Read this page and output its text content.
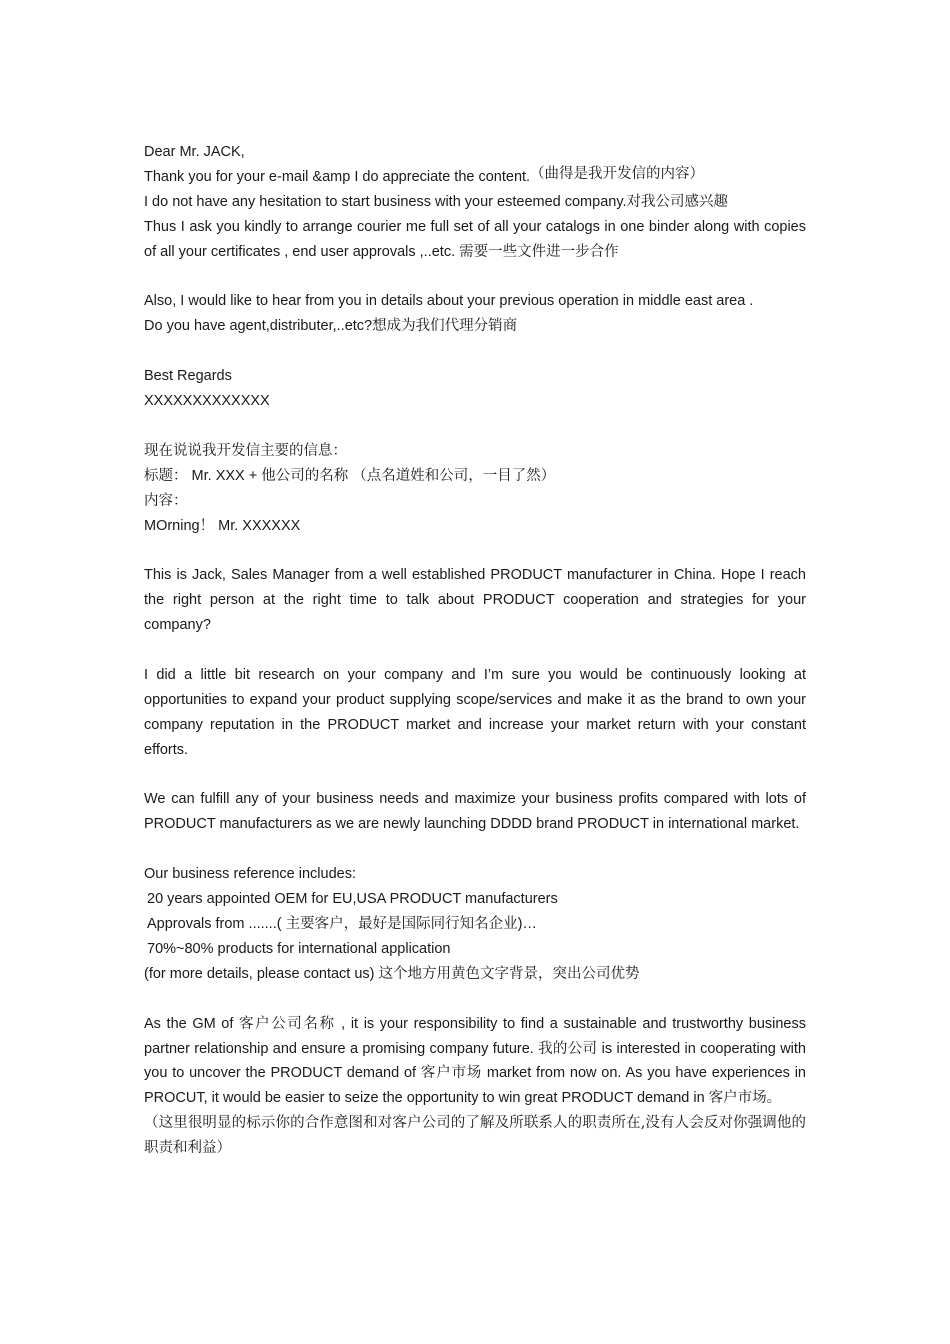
Dear Mr. JACK,
Thank you for your e-mail &amp I do appreciate the content. （曲得是我开发信的内容）
I do not have any hesitation to start business with your esteemed company.对我公司感兴趣
Thus I ask you kindly to arrange courier me full set of all your catalogs in one binder along with copies of all your certificates , end user approvals ,..etc. 需要一些文件进一步合作
Also, I would like to hear from you in details about your previous operation in middle east area .
Do you have agent,distributer,..etc?想成为我们代理分销商
Best Regards
XXXXXXXXXXXXX
现在说说我开发信主要的信息：
标题： Mr. XXX + 他公司的名称 （点名道姓和公司，一目了然）
内容：
MOrning！ Mr. XXXXXX
This is Jack, Sales Manager from a well established PRODUCT manufacturer in China. Hope I reach the right person at the right time to talk about PRODUCT cooperation and strategies for your company?
I did a little bit research on your company and I’m sure you would be continuously looking at opportunities to expand your product supplying scope/services and make it as the brand to own your company reputation in the PRODUCT market and increase your market return with your constant efforts.
We can fulfill any of your business needs and maximize your business profits compared with lots of PRODUCT manufacturers as we are newly launching DDDD brand PRODUCT in international market.
Our business reference includes:
20 years appointed OEM for EU,USA PRODUCT manufacturers
Approvals from .......( 主要客户，最好是国际同行知名企业)…
70%~80% products for international application
(for more details, please contact us) 这个地方用黄色文字背景，突出公司优势
As the GM of 客户公司名称 , it is your responsibility to find a sustainable and trustworthy business partner relationship and ensure a promising company future. 我的公司 is interested in cooperating with you to uncover the PRODUCT demand of 客户市场 market from now on. As you have experiences in PROCUT, it would be easier to seize the opportunity to win great PRODUCT demand in 客户市场。
（这里很明显的标示你的合作意图和对客户公司的了解及所联系人的职责所在,没有人会反对你强调他的职责和利益）
